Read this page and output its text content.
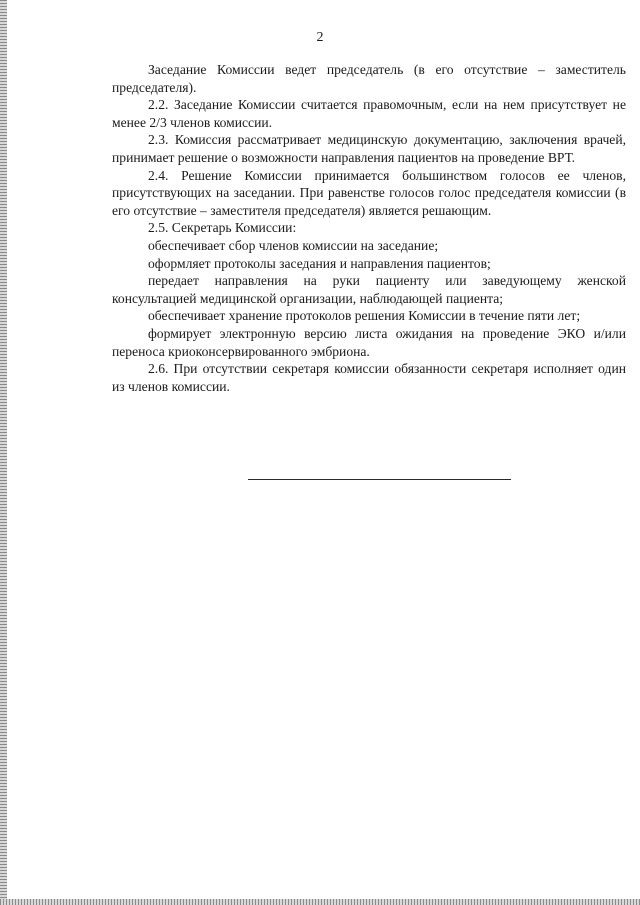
2

Заседание Комиссии ведет председатель (в его отсутствие – заместитель председателя).

2.2. Заседание Комиссии считается правомочным, если на нем присутствует не менее 2/3 членов комиссии.

2.3. Комиссия рассматривает медицинскую документацию, заключения врачей, принимает решение о возможности направления пациентов на проведение ВРТ.

2.4. Решение Комиссии принимается большинством голосов ее членов, присутствующих на заседании. При равенстве голосов голос председателя комиссии (в его отсутствие – заместителя председателя) является решающим.

2.5. Секретарь Комиссии:

обеспечивает сбор членов комиссии на заседание;

оформляет протоколы заседания и направления пациентов;

передает направления на руки пациенту или заведующему женской консультацией медицинской организации, наблюдающей пациента;

обеспечивает хранение протоколов решения Комиссии в течение пяти лет;

формирует электронную версию листа ожидания на проведение ЭКО и/или переноса криоконсервированного эмбриона.

2.6. При отсутствии секретаря комиссии обязанности секретаря исполняет один из членов комиссии.
